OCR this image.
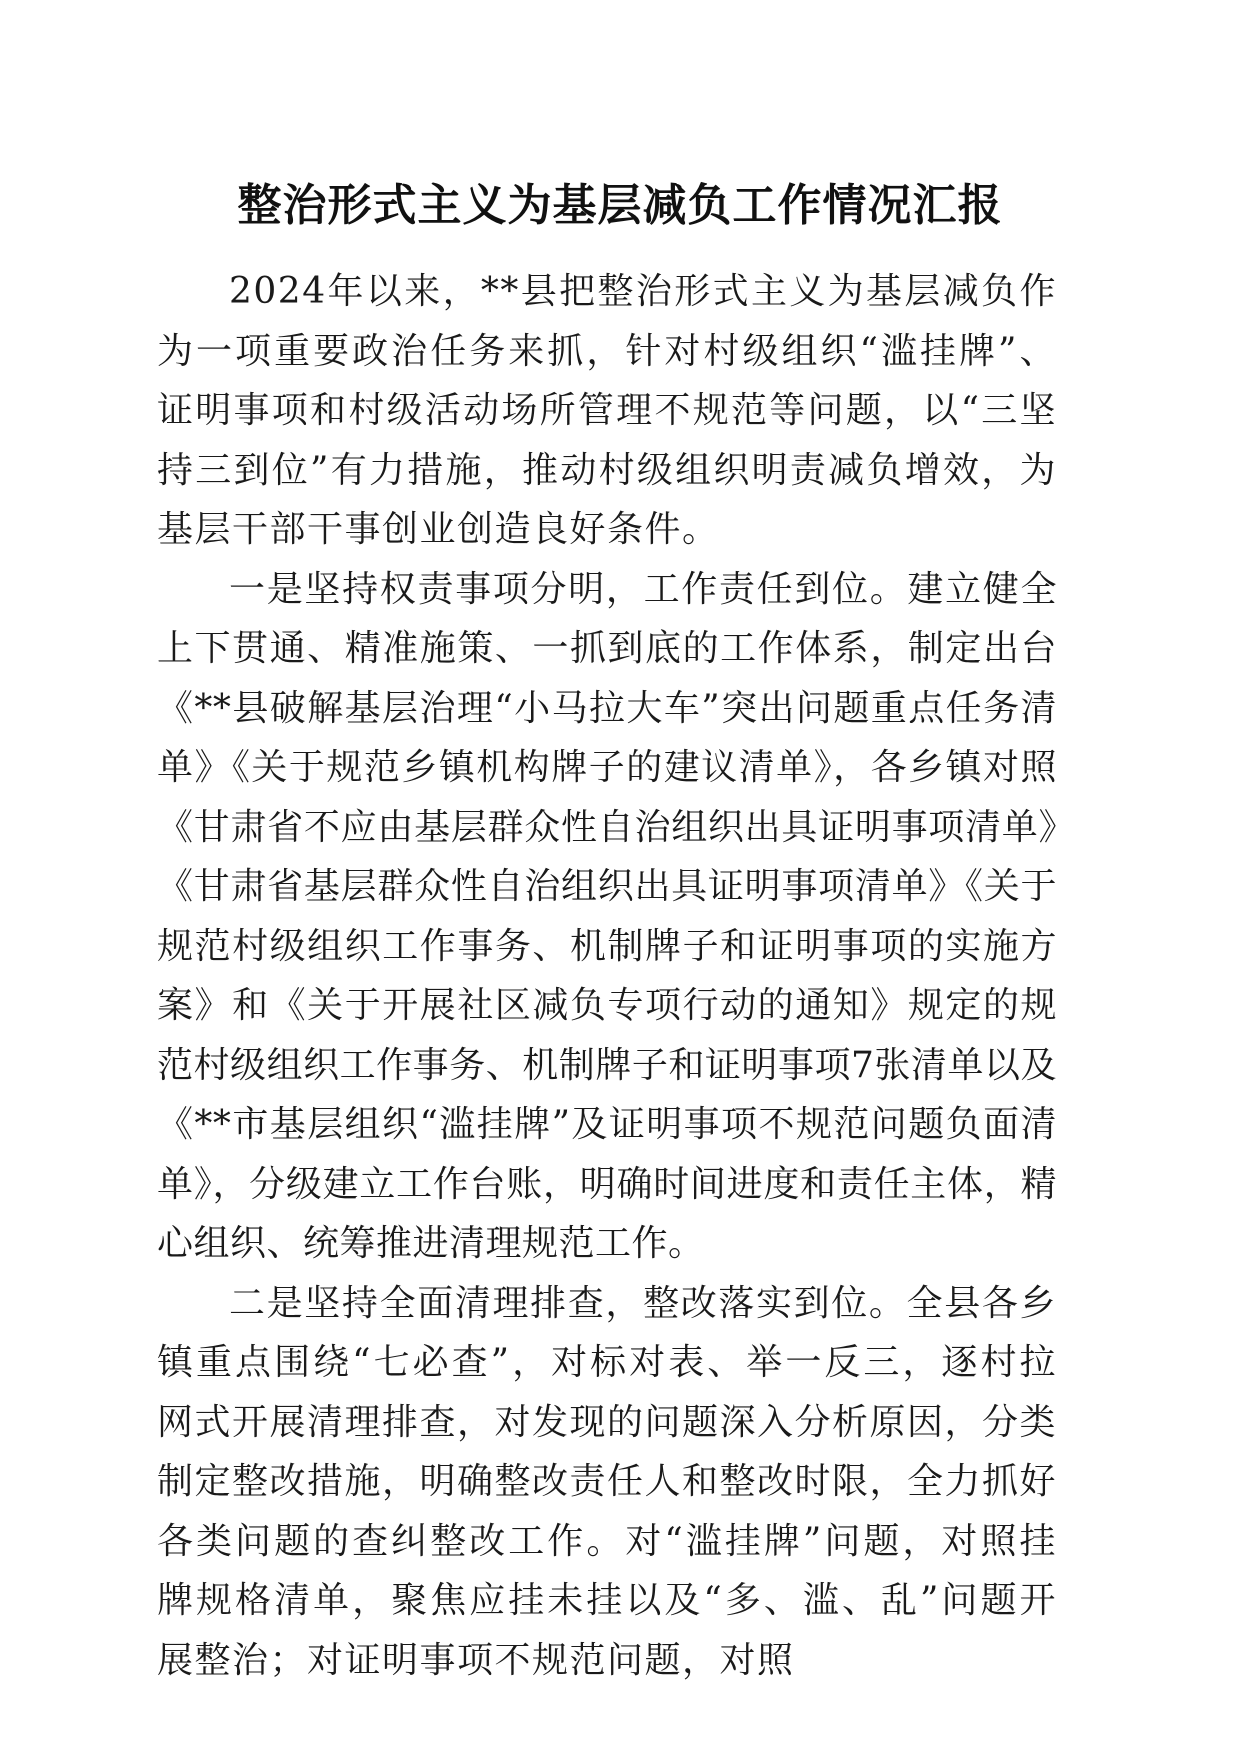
整治形式主义为基层减负工作情况汇报

2024年以来，**县把整治形式主义为基层减负作为一项重要政治任务来抓，针对村级组织“滥挂牌”、证明事项和村级活动场所管理不规范等问题，以“三坚持三到位”有力措施，推动村级组织明责减负增效，为基层干部干事创业创造良好条件。

一是坚持权责事项分明，工作责任到位。建立健全上下贯通、精准施策、一抓到底的工作体系，制定出台《**县破解基层治理“小马拉大车”突出问题重点任务清单》《关于规范乡镇机构牌子的建议清单》，各乡镇对照《甘肃省不应由基层群众性自治组织出具证明事项清单》《甘肃省基层群众性自治组织出具证明事项清单》《关于规范村级组织工作事务、机制牌子和证明事项的实施方案》和《关于开展社区减负专项行动的通知》规定的规范村级组织工作事务、机制牌子和证明事项7张清单以及《**市基层组织“滥挂牌”及证明事项不规范问题负面清单》，分级建立工作台账，明确时间进度和责任主体，精心组织、统筹推进清理规范工作。

二是坚持全面清理排查，整改落实到位。全县各乡镇重点围绕“七必查”，对标对表、举一反三，逐村拉网式开展清理排查，对发现的问题深入分析原因，分类制定整改措施，明确整改责任人和整改时限，全力抓好各类问题的查纠整改工作。对“滥挂牌”问题，对照挂牌规格清单，聚焦应挂未挂以及“多、滥、乱”问题开展整治；对证明事项不规范问题，对照
